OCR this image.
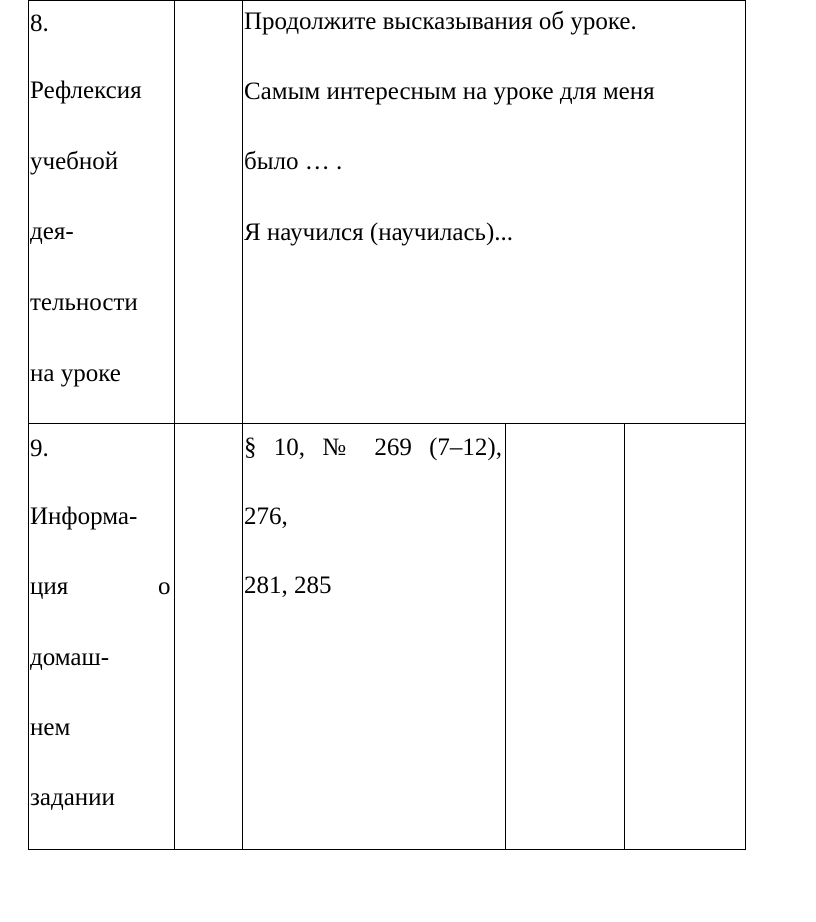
8.
Рефлексия
учебной
дея-
тельности
на уроке
Продолжите высказывания об уроке.
Самым интересным на уроке для меня
было … .
Я научился (научилась)...
9.
Информа-
ция	о
домаш-
нем
задании
§ 10, № 269 (7–12),
276,
281, 285
